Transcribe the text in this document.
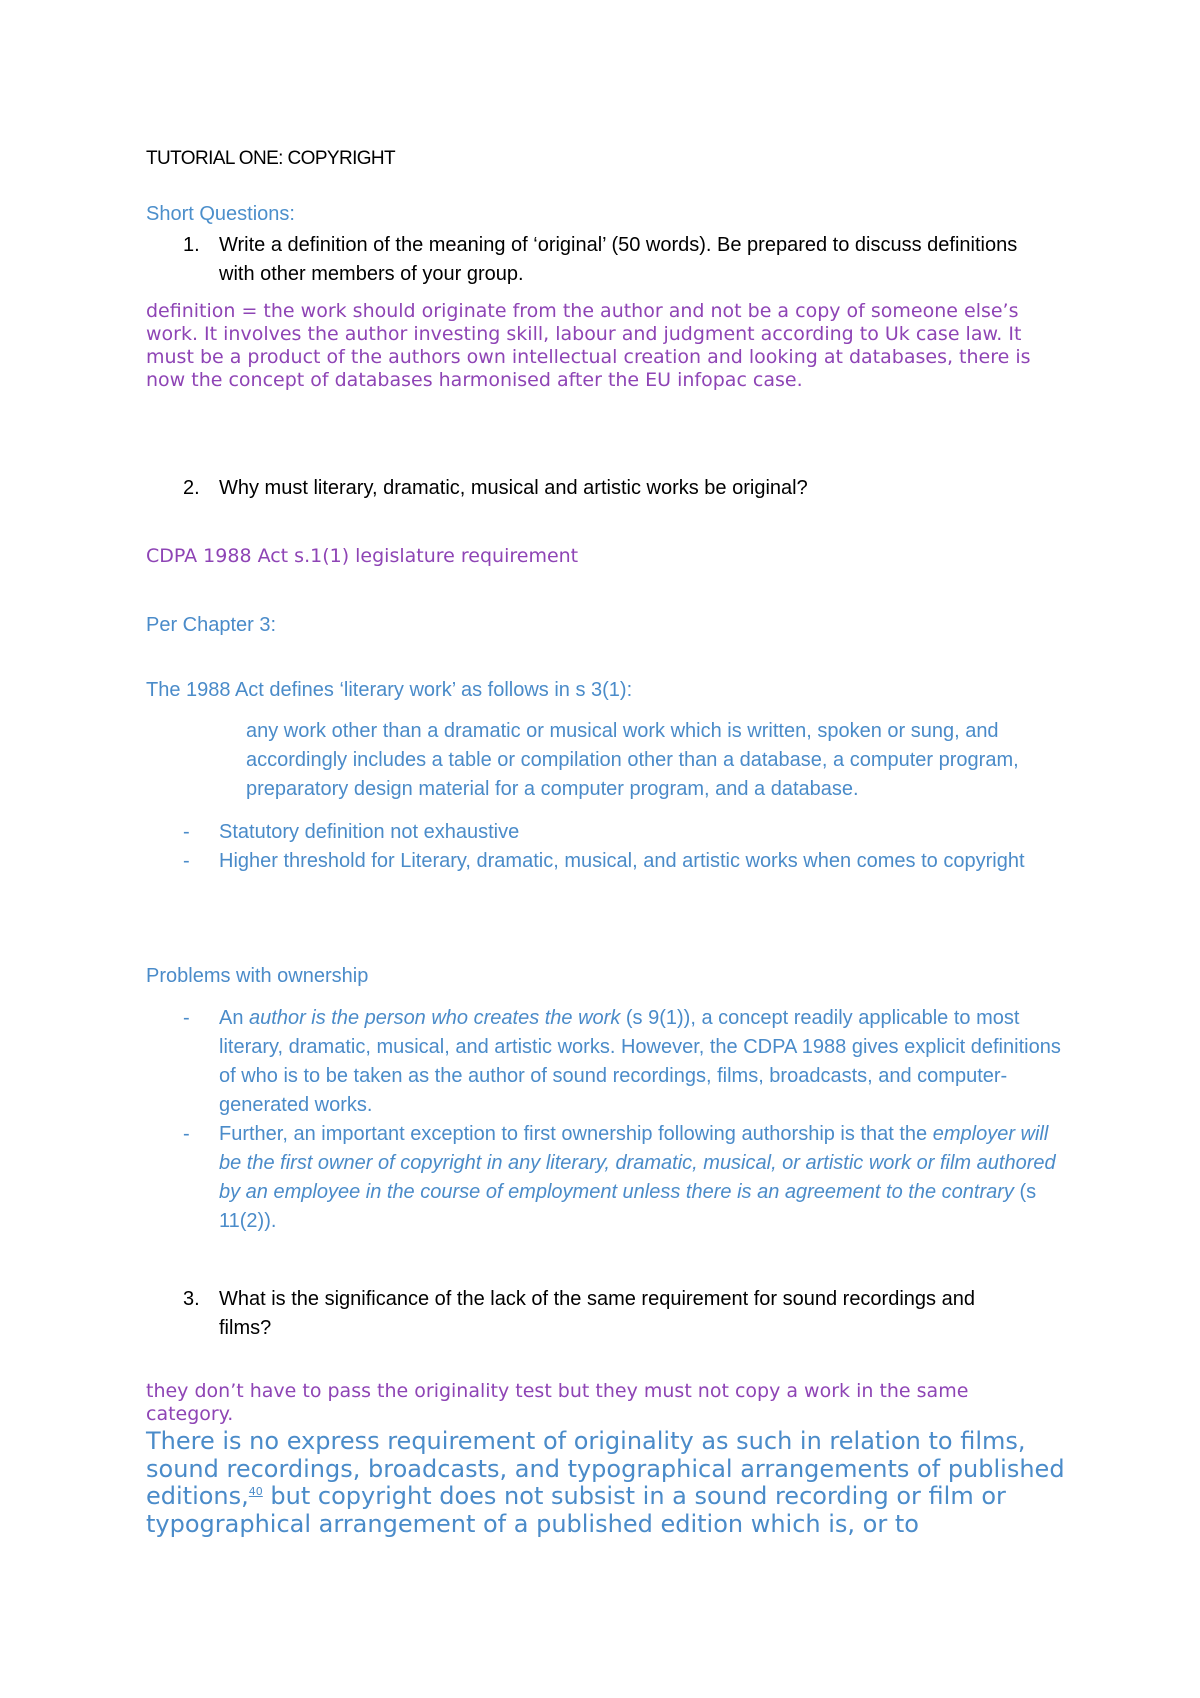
TUTORIAL ONE: COPYRIGHT
Short Questions:
1. Write a definition of the meaning of ‘original’ (50 words). Be prepared to discuss definitions with other members of your group.
definition = the work should originate from the author and not be a copy of someone else’s work. It involves the author investing skill, labour and judgment according to Uk case law. It must be a product of the authors own intellectual creation and looking at databases, there is now the concept of databases harmonised after the EU infopac case.
2. Why must literary, dramatic, musical and artistic works be original?
CDPA 1988 Act s.1(1) legislature requirement
Per Chapter 3:
The 1988 Act defines ‘literary work’ as follows in s 3(1):
any work other than a dramatic or musical work which is written, spoken or sung, and accordingly includes a table or compilation other than a database, a computer program, preparatory design material for a computer program, and a database.
- Statutory definition not exhaustive
- Higher threshold for Literary, dramatic, musical, and artistic works when comes to copyright
Problems with ownership
- An author is the person who creates the work (s 9(1)), a concept readily applicable to most literary, dramatic, musical, and artistic works. However, the CDPA 1988 gives explicit definitions of who is to be taken as the author of sound recordings, films, broadcasts, and computer-generated works.
- Further, an important exception to first ownership following authorship is that the employer will be the first owner of copyright in any literary, dramatic, musical, or artistic work or film authored by an employee in the course of employment unless there is an agreement to the contrary (s 11(2)).
3. What is the significance of the lack of the same requirement for sound recordings and films?
they don’t have to pass the originality test but they must not copy a work in the same category.
There is no express requirement of originality as such in relation to films, sound recordings, broadcasts, and typographical arrangements of published editions,$^{40}$ but copyright does not subsist in a sound recording or film or typographical arrangement of a published edition which is, or to
